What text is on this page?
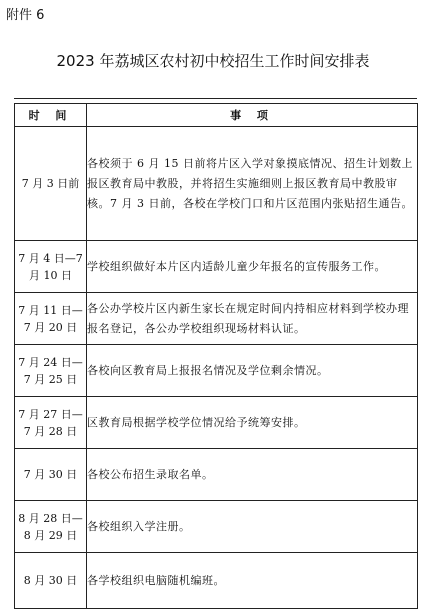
附件 6
2023 年荔城区农村初中校招生工作时间安排表
时 间	事 项
7 月 3 日前	各校须于 6 月 15 日前将片区入学对象摸底情况、招生计划数上报区教育局中教股，并将招生实施细则上报区教育局中教股审核。7 月 3 日前，各校在学校门口和片区范围内张贴招生通告。
7 月 4 日—7 月 10 日	学校组织做好本片区内适龄儿童少年报名的宣传服务工作。
7 月 11 日—7 月 20 日	各公办学校片区内新生家长在规定时间内持相应材料到学校办理报名登记，各公办学校组织现场材料认证。
7 月 24 日—7 月 25 日	各校向区教育局上报报名情况及学位剩余情况。
7 月 27 日—7 月 28 日	区教育局根据学校学位情况给予统筹安排。
7 月 30 日	各校公布招生录取名单。
8 月 28 日—8 月 29 日	各校组织入学注册。
8 月 30 日	各学校组织电脑随机编班。
